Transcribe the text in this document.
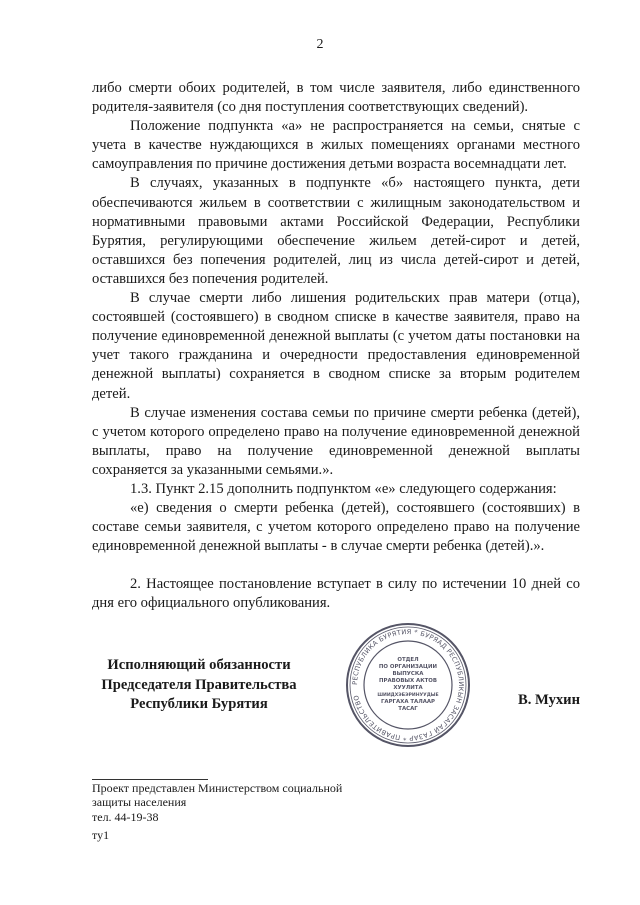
2

либо смерти обоих родителей, в том числе заявителя, либо единственного родителя-заявителя (со дня поступления соответствующих сведений).

Положение подпункта «а» не распространяется на семьи, снятые с учета в качестве нуждающихся в жилых помещениях органами местного самоуправления по причине достижения детьми возраста восемнадцати лет.

В случаях, указанных в подпункте «б» настоящего пункта, дети обеспечиваются жильем в соответствии с жилищным законодательством и нормативными правовыми актами Российской Федерации, Республики Бурятия, регулирующими обеспечение жильем детей-сирот и детей, оставшихся без попечения родителей, лиц из числа детей-сирот и детей, оставшихся без попечения родителей.

В случае смерти либо лишения родительских прав матери (отца), состоявшей (состоявшего) в сводном списке в качестве заявителя, право на получение единовременной денежной выплаты (с учетом даты постановки на учет такого гражданина и очередности предоставления единовременной денежной выплаты) сохраняется в сводном списке за вторым родителем детей.

В случае изменения состава семьи по причине смерти ребенка (детей), с учетом которого определено право на получение единовременной денежной выплаты, право на получение единовременной денежной выплаты сохраняется за указанными семьями.».

1.3. Пункт 2.15 дополнить подпунктом «е» следующего содержания:

«е) сведения о смерти ребенка (детей), состоявшего (состоявших) в составе семьи заявителя, с учетом которого определено право на получение единовременной денежной выплаты - в случае смерти ребенка (детей).».

2. Настоящее постановление вступает в силу по истечении 10 дней со дня его официального опубликования.

Исполняющий обязанности
Председателя Правительства
Республики Бурятия
РЕСПУБЛИКА БУРЯТИЯ * БУРЯАД РЕСПУБЛИКЫН ЗАСАГАЙ ГАЗАР * ПРАВИТЕЛЬСТВО
ОТДЕЛ
ПО ОРГАНИЗАЦИИ
ВЫПУСКА
ПРАВОВЫХ АКТОВ
ХУУЛИТА
ШИИДХЭБЭРИНУУДЫЕ
ГАРГАХА ТАЛААР
ТАСАГ
В. Мухин
Проект представлен Министерством социальной
защиты населения
тел. 44-19-38
ту1
